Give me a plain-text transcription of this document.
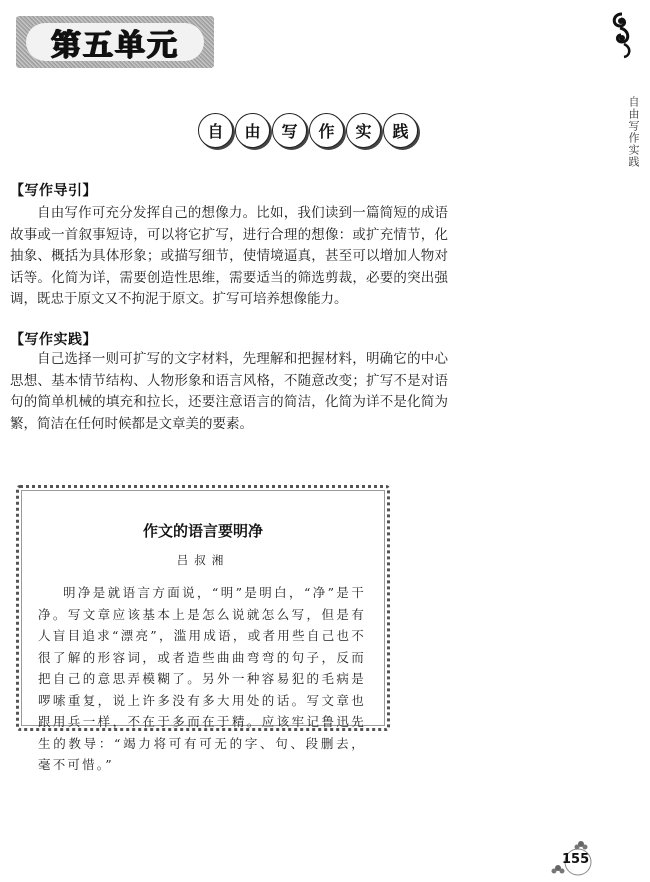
第五单元
自由写作实践
自	由	写	作	实	践
【写作导引】
自由写作可充分发挥自己的想像力。比如，我们读到一篇简短的成语故事或一首叙事短诗，可以将它扩写，进行合理的想像：或扩充情节，化抽象、概括为具体形象；或描写细节，使情境逼真，甚至可以增加人物对话等。化简为详，需要创造性思维，需要适当的筛选剪裁，必要的突出强调，既忠于原文又不拘泥于原文。扩写可培养想像能力。
【写作实践】
自己选择一则可扩写的文字材料，先理解和把握材料，明确它的中心思想、基本情节结构、人物形象和语言风格，不随意改变；扩写不是对语句的简单机械的填充和拉长，还要注意语言的简洁，化简为详不是化简为繁，简洁在任何时候都是文章美的要素。
作文的语言要明净
吕叔湘
明净是就语言方面说，“明”是明白，“净”是干净。写文章应该基本上是怎么说就怎么写，但是有人盲目追求“漂亮”，滥用成语，或者用些自己也不很了解的形容词，或者造些曲曲弯弯的句子，反而把自己的意思弄模糊了。另外一种容易犯的毛病是啰嗦重复，说上许多没有多大用处的话。写文章也跟用兵一样，不在于多而在于精。应该牢记鲁迅先生的教导：“竭力将可有可无的字、句、段删去，毫不可惜。”
155
